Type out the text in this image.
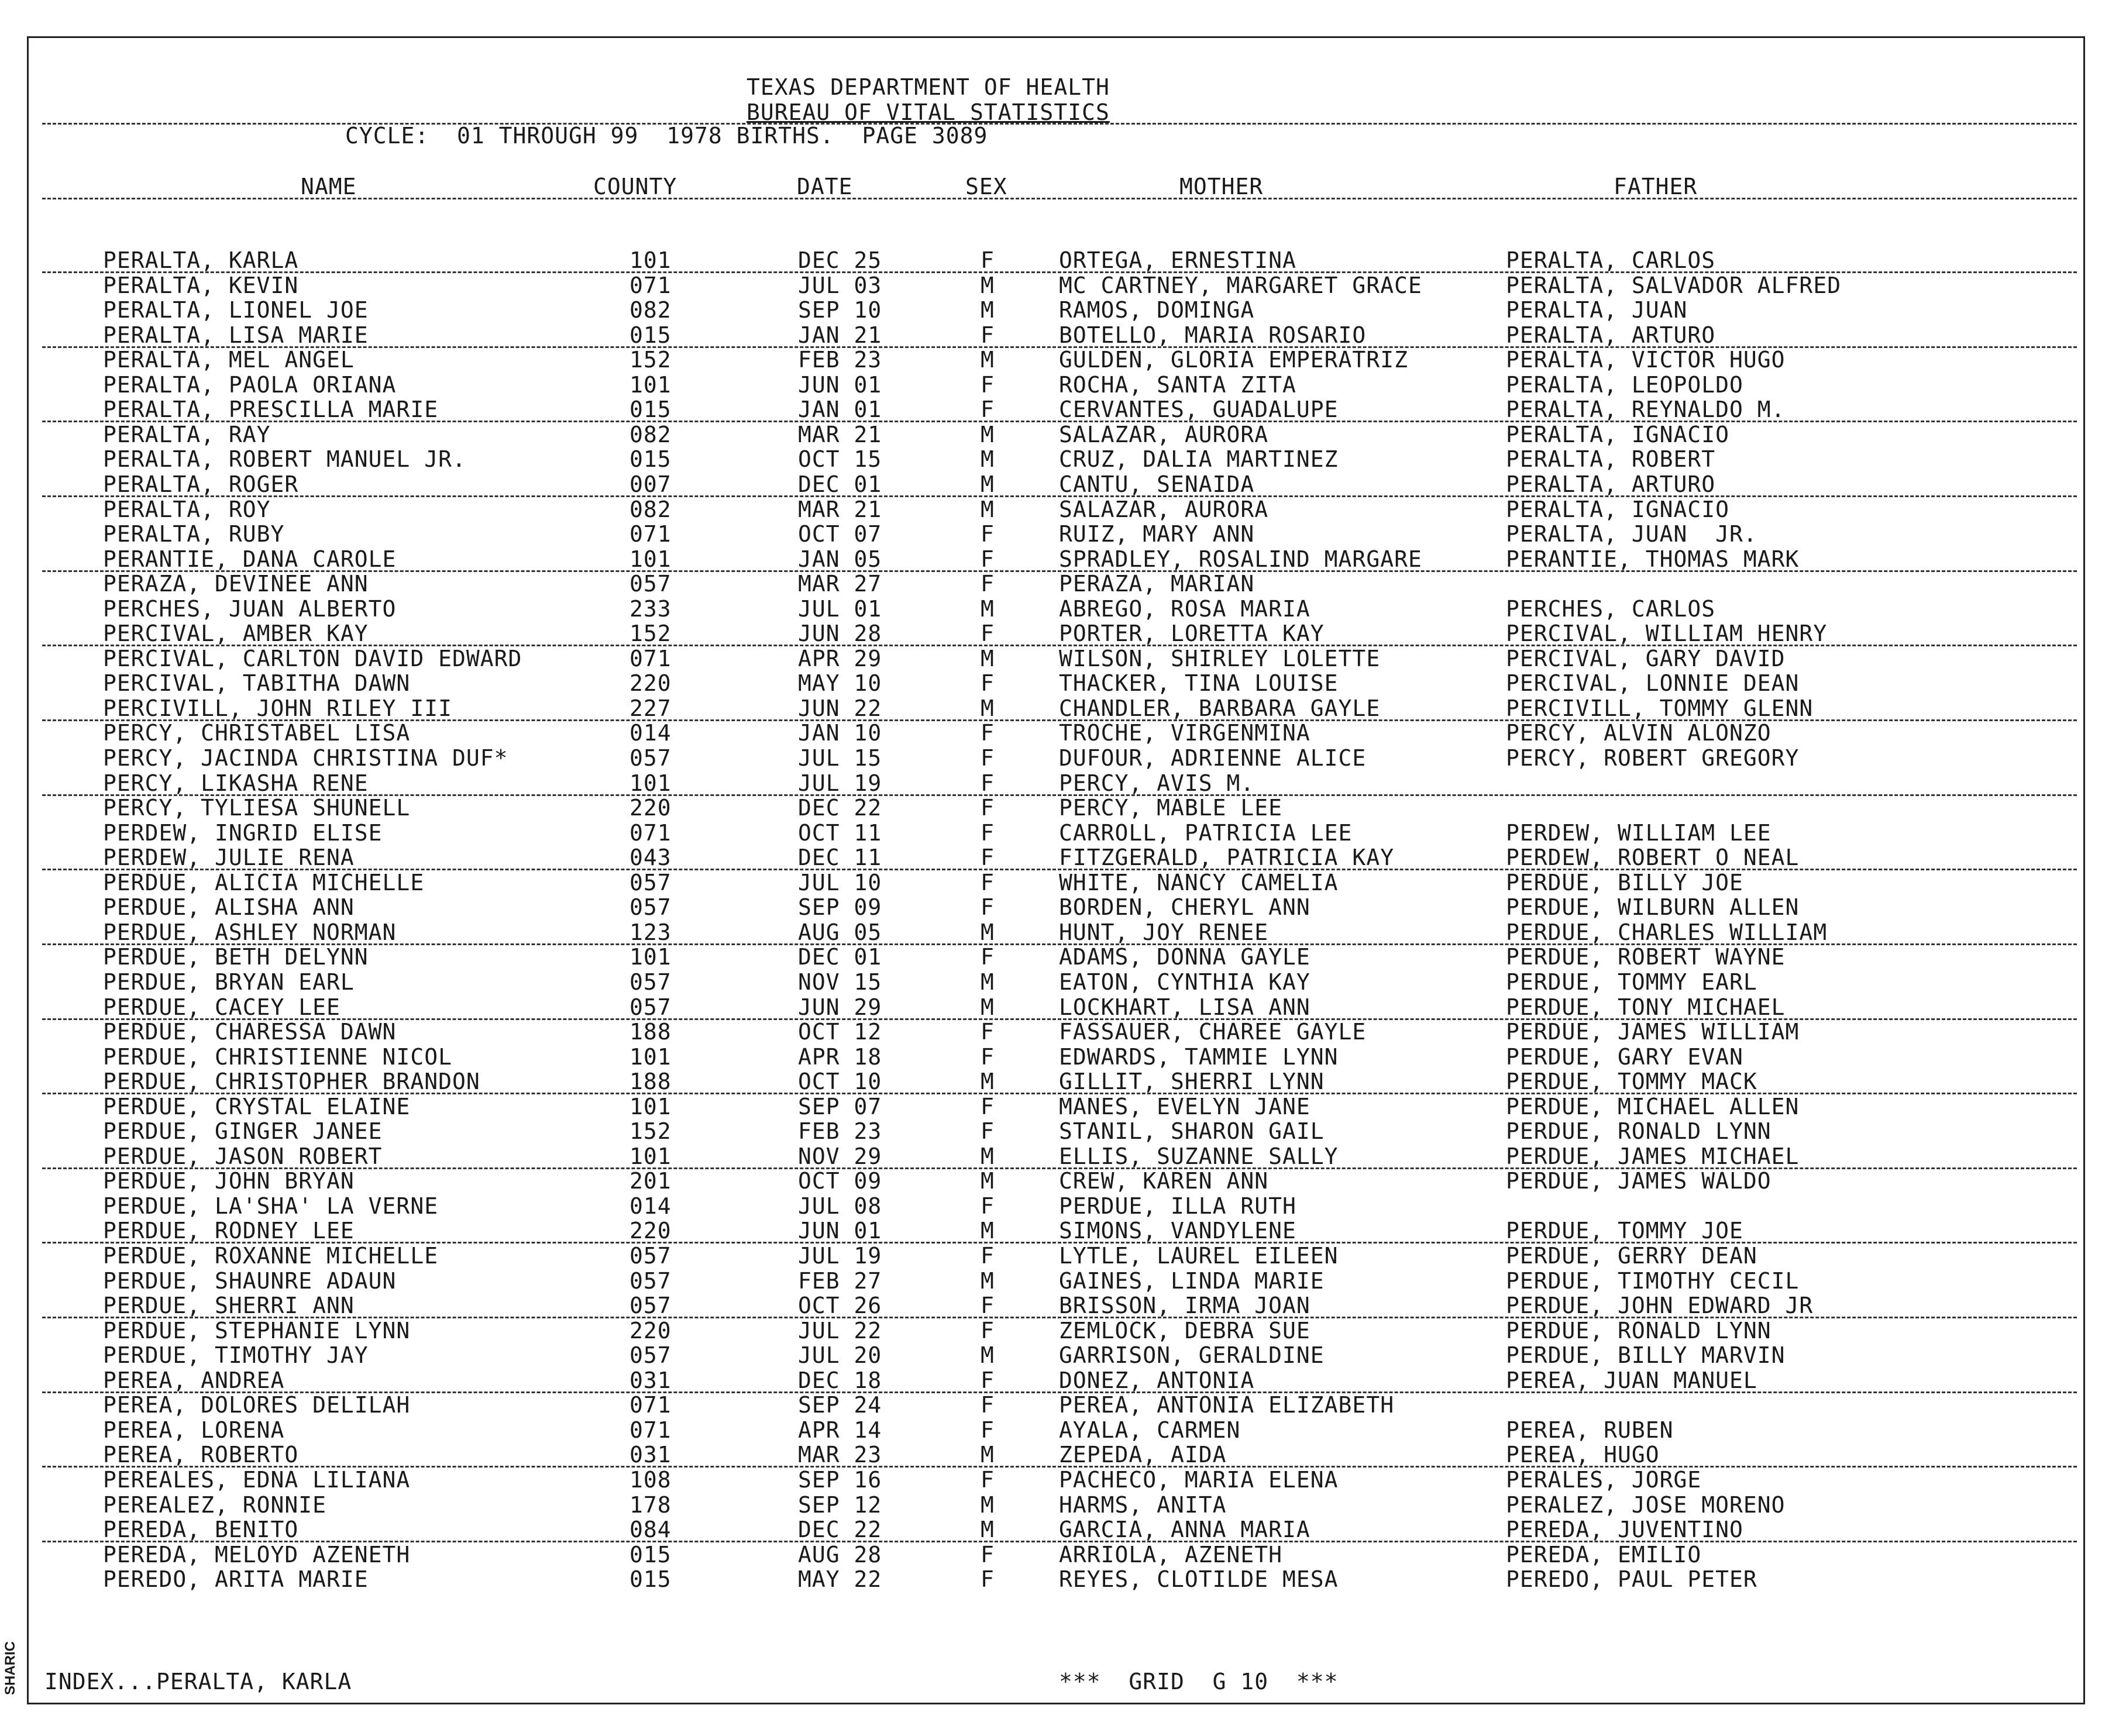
TEXAS DEPARTMENT OF HEALTH
BUREAU OF VITAL STATISTICS
CYCLE:  01 THROUGH 99  1978 BIRTHS.  PAGE 3089
NAME	COUNTY	DATE	SEX	MOTHER	FATHER
PERALTA, KARLA	101	DEC 25	F	ORTEGA, ERNESTINA	PERALTA, CARLOS
PERALTA, KEVIN	071	JUL 03	M	MC CARTNEY, MARGARET GRACE	PERALTA, SALVADOR ALFRED
PERALTA, LIONEL JOE	082	SEP 10	M	RAMOS, DOMINGA	PERALTA, JUAN
PERALTA, LISA MARIE	015	JAN 21	F	BOTELLO, MARIA ROSARIO	PERALTA, ARTURO
PERALTA, MEL ANGEL	152	FEB 23	M	GULDEN, GLORIA EMPERATRIZ	PERALTA, VICTOR HUGO
PERALTA, PAOLA ORIANA	101	JUN 01	F	ROCHA, SANTA ZITA	PERALTA, LEOPOLDO
PERALTA, PRESCILLA MARIE	015	JAN 01	F	CERVANTES, GUADALUPE	PERALTA, REYNALDO M.
PERALTA, RAY	082	MAR 21	M	SALAZAR, AURORA	PERALTA, IGNACIO
PERALTA, ROBERT MANUEL JR.	015	OCT 15	M	CRUZ, DALIA MARTINEZ	PERALTA, ROBERT
PERALTA, ROGER	007	DEC 01	M	CANTU, SENAIDA	PERALTA, ARTURO
PERALTA, ROY	082	MAR 21	M	SALAZAR, AURORA	PERALTA, IGNACIO
PERALTA, RUBY	071	OCT 07	F	RUIZ, MARY ANN	PERALTA, JUAN  JR.
PERANTIE, DANA CAROLE	101	JAN 05	F	SPRADLEY, ROSALIND MARGARE	PERANTIE, THOMAS MARK
PERAZA, DEVINEE ANN	057	MAR 27	F	PERAZA, MARIAN
PERCHES, JUAN ALBERTO	233	JUL 01	M	ABREGO, ROSA MARIA	PERCHES, CARLOS
PERCIVAL, AMBER KAY	152	JUN 28	F	PORTER, LORETTA KAY	PERCIVAL, WILLIAM HENRY
PERCIVAL, CARLTON DAVID EDWARD	071	APR 29	M	WILSON, SHIRLEY LOLETTE	PERCIVAL, GARY DAVID
PERCIVAL, TABITHA DAWN	220	MAY 10	F	THACKER, TINA LOUISE	PERCIVAL, LONNIE DEAN
PERCIVILL, JOHN RILEY III	227	JUN 22	M	CHANDLER, BARBARA GAYLE	PERCIVILL, TOMMY GLENN
PERCY, CHRISTABEL LISA	014	JAN 10	F	TROCHE, VIRGENMINA	PERCY, ALVIN ALONZO
PERCY, JACINDA CHRISTINA DUF*	057	JUL 15	F	DUFOUR, ADRIENNE ALICE	PERCY, ROBERT GREGORY
PERCY, LIKASHA RENE	101	JUL 19	F	PERCY, AVIS M.
PERCY, TYLIESA SHUNELL	220	DEC 22	F	PERCY, MABLE LEE
PERDEW, INGRID ELISE	071	OCT 11	F	CARROLL, PATRICIA LEE	PERDEW, WILLIAM LEE
PERDEW, JULIE RENA	043	DEC 11	F	FITZGERALD, PATRICIA KAY	PERDEW, ROBERT O NEAL
PERDUE, ALICIA MICHELLE	057	JUL 10	F	WHITE, NANCY CAMELIA	PERDUE, BILLY JOE
PERDUE, ALISHA ANN	057	SEP 09	F	BORDEN, CHERYL ANN	PERDUE, WILBURN ALLEN
PERDUE, ASHLEY NORMAN	123	AUG 05	M	HUNT, JOY RENEE	PERDUE, CHARLES WILLIAM
PERDUE, BETH DELYNN	101	DEC 01	F	ADAMS, DONNA GAYLE	PERDUE, ROBERT WAYNE
PERDUE, BRYAN EARL	057	NOV 15	M	EATON, CYNTHIA KAY	PERDUE, TOMMY EARL
PERDUE, CACEY LEE	057	JUN 29	M	LOCKHART, LISA ANN	PERDUE, TONY MICHAEL
PERDUE, CHARESSA DAWN	188	OCT 12	F	FASSAUER, CHAREE GAYLE	PERDUE, JAMES WILLIAM
PERDUE, CHRISTIENNE NICOL	101	APR 18	F	EDWARDS, TAMMIE LYNN	PERDUE, GARY EVAN
PERDUE, CHRISTOPHER BRANDON	188	OCT 10	M	GILLIT, SHERRI LYNN	PERDUE, TOMMY MACK
PERDUE, CRYSTAL ELAINE	101	SEP 07	F	MANES, EVELYN JANE	PERDUE, MICHAEL ALLEN
PERDUE, GINGER JANEE	152	FEB 23	F	STANIL, SHARON GAIL	PERDUE, RONALD LYNN
PERDUE, JASON ROBERT	101	NOV 29	M	ELLIS, SUZANNE SALLY	PERDUE, JAMES MICHAEL
PERDUE, JOHN BRYAN	201	OCT 09	M	CREW, KAREN ANN	PERDUE, JAMES WALDO
PERDUE, LA'SHA' LA VERNE	014	JUL 08	F	PERDUE, ILLA RUTH
PERDUE, RODNEY LEE	220	JUN 01	M	SIMONS, VANDYLENE	PERDUE, TOMMY JOE
PERDUE, ROXANNE MICHELLE	057	JUL 19	F	LYTLE, LAUREL EILEEN	PERDUE, GERRY DEAN
PERDUE, SHAUNRE ADAUN	057	FEB 27	M	GAINES, LINDA MARIE	PERDUE, TIMOTHY CECIL
PERDUE, SHERRI ANN	057	OCT 26	F	BRISSON, IRMA JOAN	PERDUE, JOHN EDWARD JR
PERDUE, STEPHANIE LYNN	220	JUL 22	F	ZEMLOCK, DEBRA SUE	PERDUE, RONALD LYNN
PERDUE, TIMOTHY JAY	057	JUL 20	M	GARRISON, GERALDINE	PERDUE, BILLY MARVIN
PEREA, ANDREA	031	DEC 18	F	DONEZ, ANTONIA	PEREA, JUAN MANUEL
PEREA, DOLORES DELILAH	071	SEP 24	F	PEREA, ANTONIA ELIZABETH
PEREA, LORENA	071	APR 14	F	AYALA, CARMEN	PEREA, RUBEN
PEREA, ROBERTO	031	MAR 23	M	ZEPEDA, AIDA	PEREA, HUGO
PEREALES, EDNA LILIANA	108	SEP 16	F	PACHECO, MARIA ELENA	PERALES, JORGE
PEREALEZ, RONNIE	178	SEP 12	M	HARMS, ANITA	PERALEZ, JOSE MORENO
PEREDA, BENITO	084	DEC 22	M	GARCIA, ANNA MARIA	PEREDA, JUVENTINO
PEREDA, MELOYD AZENETH	015	AUG 28	F	ARRIOLA, AZENETH	PEREDA, EMILIO
PEREDO, ARITA MARIE	015	MAY 22	F	REYES, CLOTILDE MESA	PEREDO, PAUL PETER
INDEX...PERALTA, KARLA	***  GRID  G 10  ***
SHARIC
